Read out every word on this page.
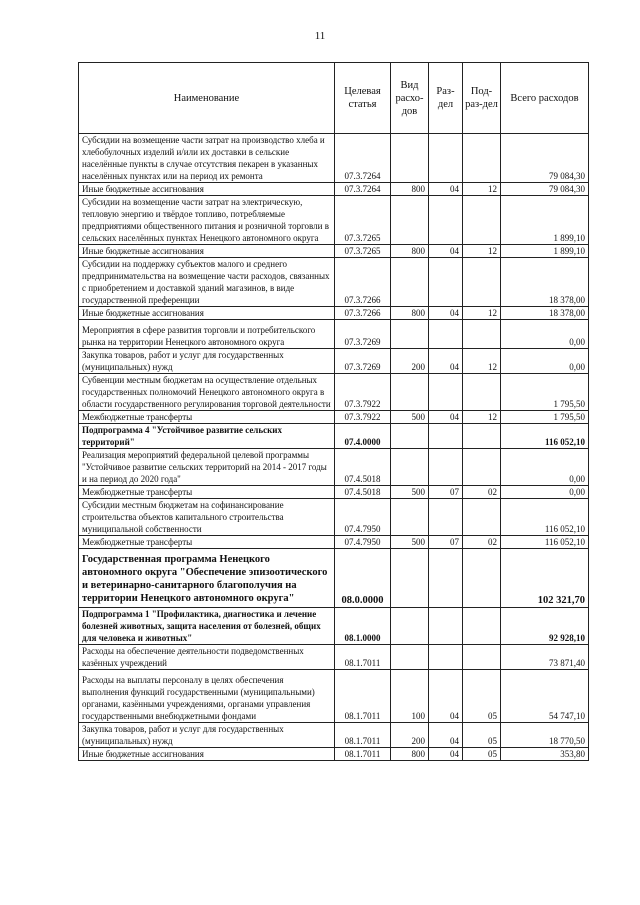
11
Наименование	Целевая статья	Вид расхо-дов	Раз-дел	Под-раз-дел	Всего расходов
Субсидии на возмещение части затрат на производство хлеба и хлебобулочных изделий и/или их доставки в сельские населённые пункты в случае отсутствия пекарен в указанных населённых пунктах или на период их ремонта	07.3.7264				79 084,30
Иные бюджетные ассигнования	07.3.7264	800	04	12	79 084,30
Субсидии на возмещение части затрат на электрическую, тепловую энергию и твёрдое топливо, потребляемые предприятиями общественного питания и розничной торговли в сельских населённых пунктах Ненецкого автономного округа	07.3.7265				1 899,10
Иные бюджетные ассигнования	07.3.7265	800	04	12	1 899,10
Субсидии на поддержку субъектов малого и среднего предпринимательства на возмещение части расходов, связанных с приобретением и доставкой зданий магазинов, в виде государственной преференции	07.3.7266				18 378,00
Иные бюджетные ассигнования	07.3.7266	800	04	12	18 378,00
Мероприятия в сфере развития торговли и потребительского рынка на территории Ненецкого автономного округа	07.3.7269				0,00
Закупка товаров, работ и услуг для государственных (муниципальных) нужд	07.3.7269	200	04	12	0,00
Субвенции местным бюджетам на осуществление отдельных государственных полномочий Ненецкого автономного округа в области государственного регулирования торговой деятельности	07.3.7922				1 795,50
Межбюджетные трансферты	07.3.7922	500	04	12	1 795,50
Подпрограмма 4 "Устойчивое развитие сельских территорий"	07.4.0000				116 052,10
Реализация мероприятий федеральной целевой программы "Устойчивое развитие сельских территорий на 2014 - 2017 годы и на период до 2020 года"	07.4.5018				0,00
Межбюджетные трансферты	07.4.5018	500	07	02	0,00
Субсидии местным бюджетам на софинансирование строительства объектов капитального строительства муниципальной собственности	07.4.7950				116 052,10
Межбюджетные трансферты	07.4.7950	500	07	02	116 052,10
Государственная программа Ненецкого автономного округа "Обеспечение эпизоотического и ветеринарно-санитарного благополучия на территории Ненецкого автономного округа"	08.0.0000				102 321,70
Подпрограмма 1 "Профилактика, диагностика и лечение болезней животных, защита населения от болезней, общих для человека и животных"	08.1.0000				92 928,10
Расходы на обеспечение деятельности подведомственных казённых учреждений	08.1.7011				73 871,40
Расходы на выплаты персоналу в целях обеспечения выполнения функций государственными (муниципальными) органами, казёнными учреждениями, органами управления государственными внебюджетными фондами	08.1.7011	100	04	05	54 747,10
Закупка товаров, работ и услуг для государственных (муниципальных) нужд	08.1.7011	200	04	05	18 770,50
Иные бюджетные ассигнования	08.1.7011	800	04	05	353,80
